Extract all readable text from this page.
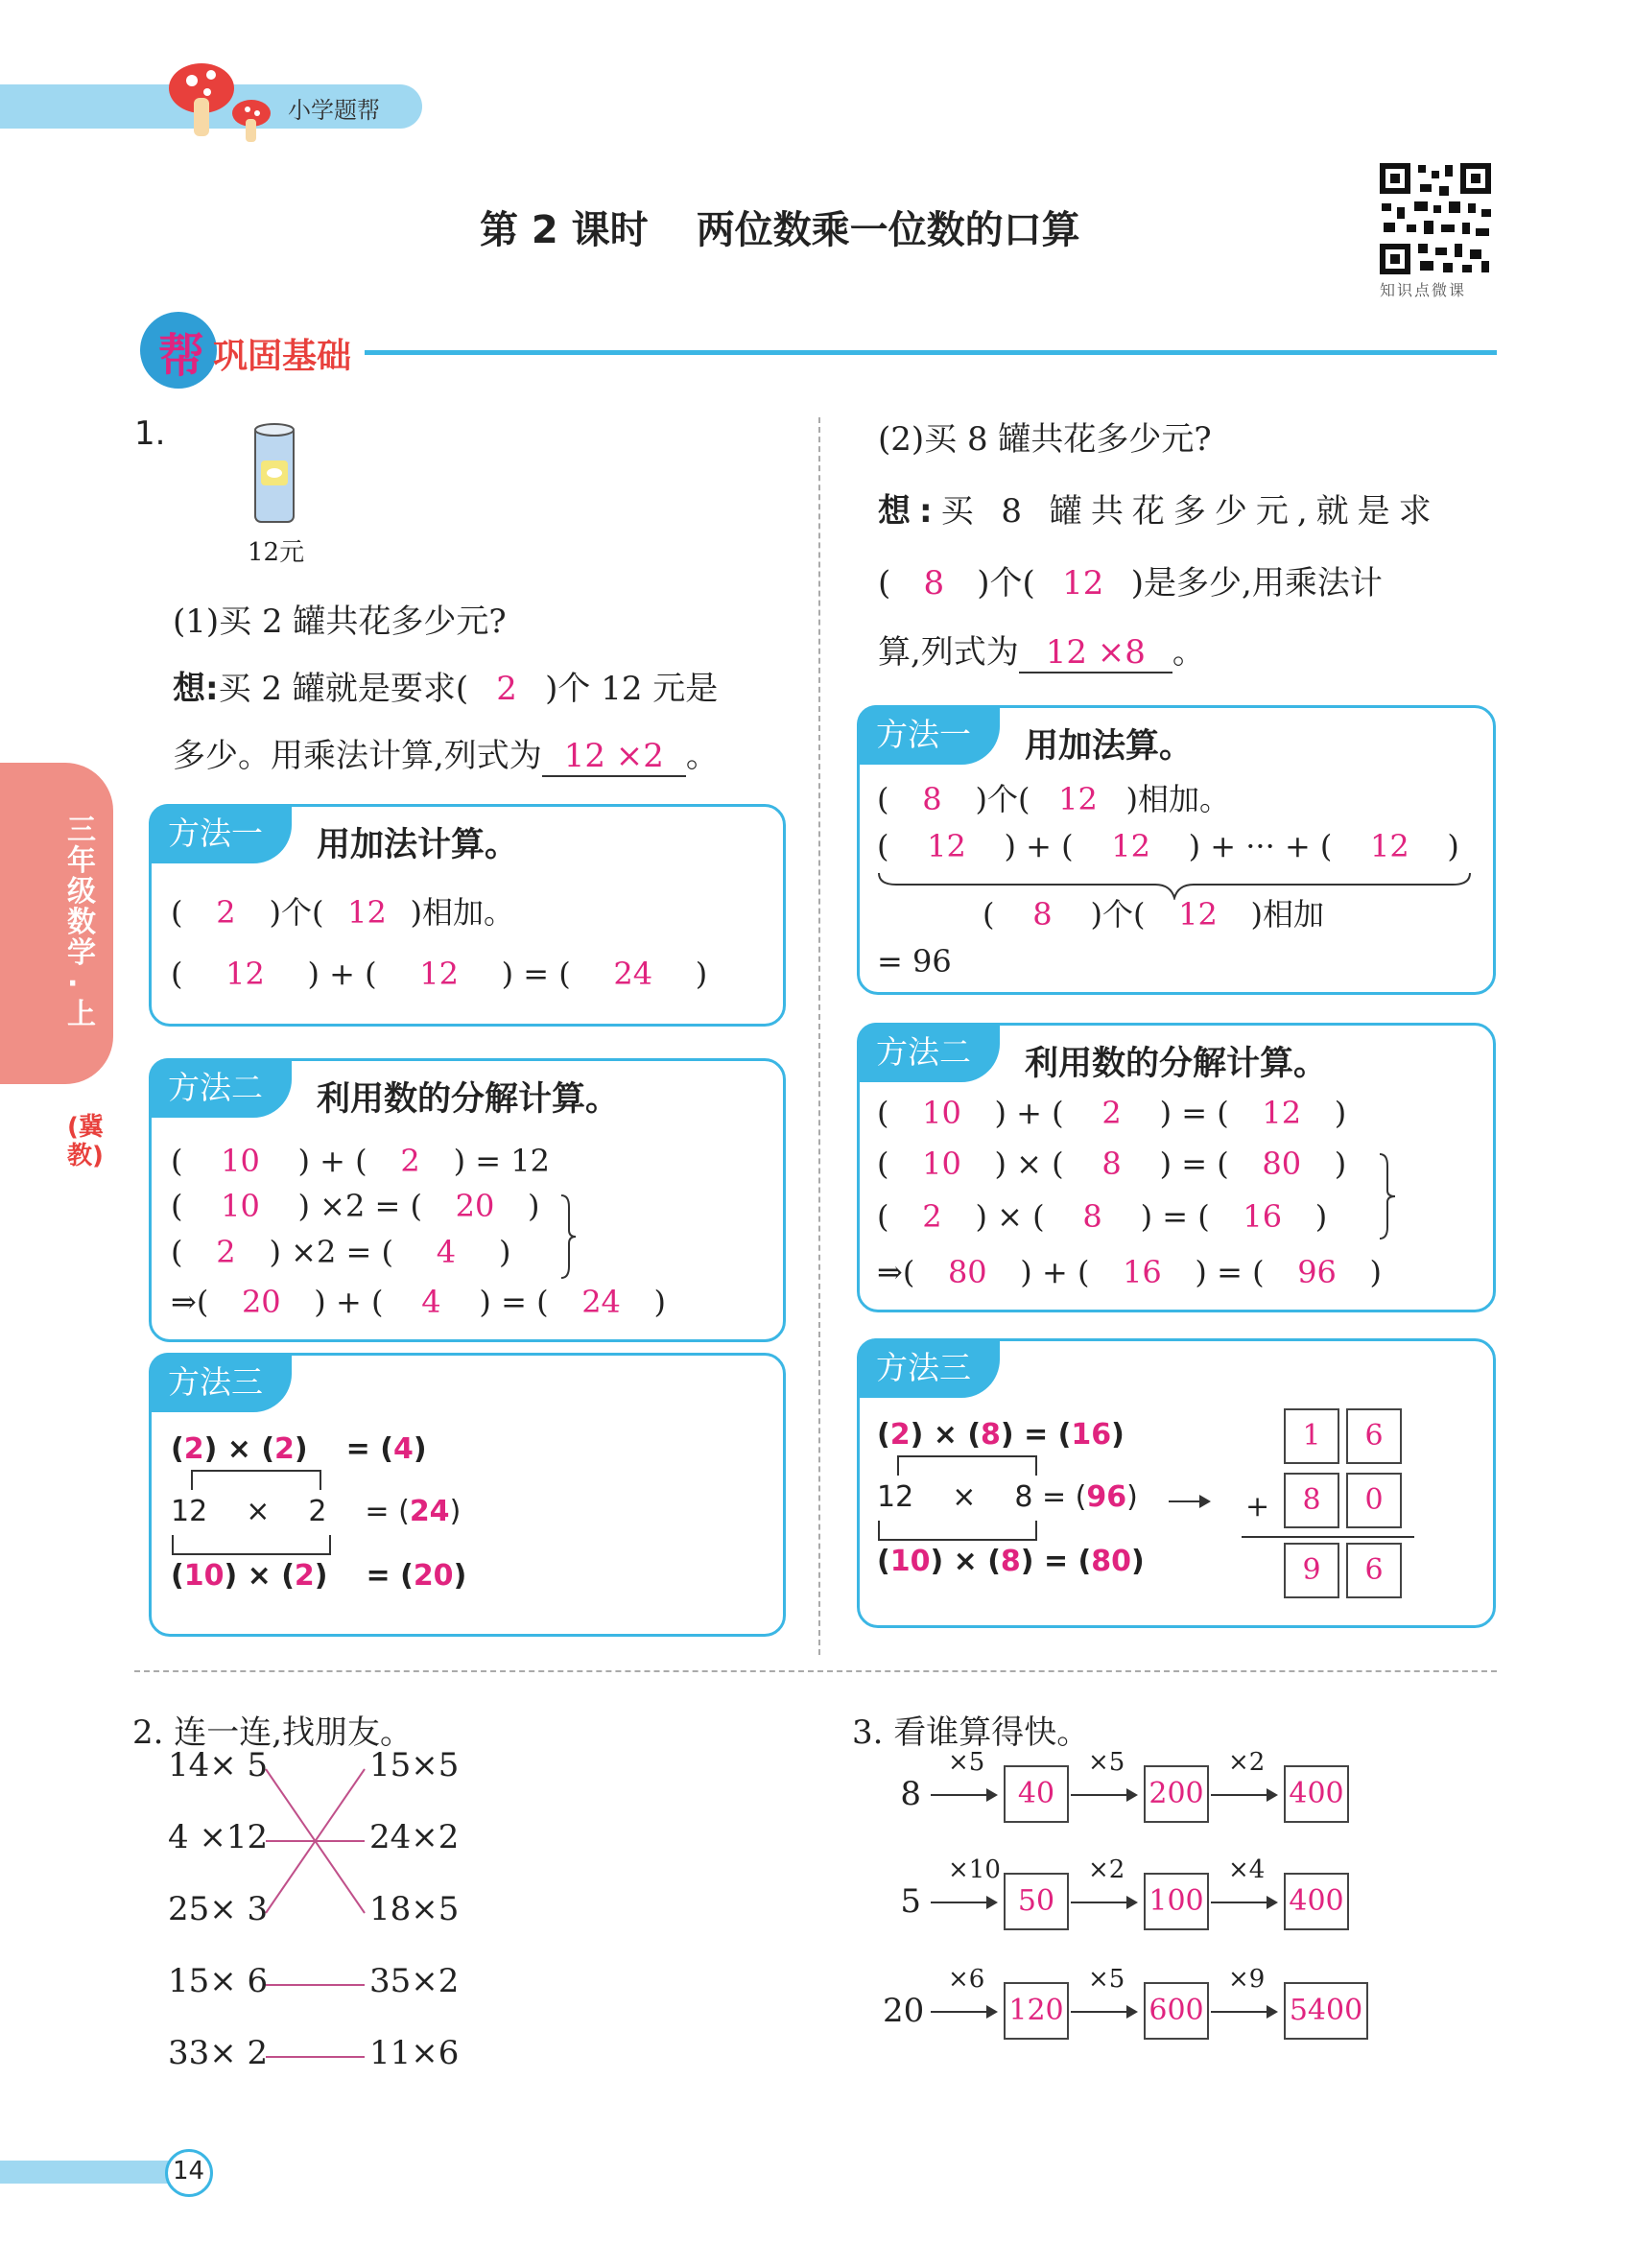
小学题帮
第 2 课时 两位数乘一位数的口算
知识点微课
帮 巩固基础
三年级数学·上
(冀教)
1.
12元
(1)买 2 罐共花多少元?
想:买 2 罐就是要求( 2 )个 12 元是
多少。用乘法计算,列式为 12 ×2 。
方法一	用加法计算。
( 2 )个( 12 )相加。
( 12 ) + ( 12 ) = ( 24 )
方法二	利用数的分解计算。
( 10 ) + ( 2 ) = 12
( 10 ) ×2 = ( 20 )
( 2 ) ×2 = ( 4 )
⇒( 20 ) + ( 4 ) = ( 24 )
方法三
(2) × (2) = (4)
12 × 2 = (24)
(10) × (2) = (20)
(2)买 8 罐共花多少元?
想:买 8 罐共花多少元,就是求
( 8 )个( 12 )是多少,用乘法计
算,列式为 12 ×8 。
方法一	用加法算。
( 8 )个( 12 )相加。
( 12 ) + ( 12 ) + ··· + ( 12 )
( 8 )个( 12 )相加
= 96
方法二	利用数的分解计算。
( 10 ) + ( 2 ) = ( 12 )
( 10 ) × ( 8 ) = ( 80 )
( 2 ) × ( 8 ) = ( 16 )
⇒( 80 ) + ( 16 ) = ( 96 )
方法三
(2) × (8) = (16)
12 × 8 = (96)
(10) × (8) = (80)
1	6
8	0
+
9	6
2. 连一连,找朋友。
14× 5
4 ×12
25× 3
15× 6
33× 2
15×5
24×2
18×5
35×2
11×6
3. 看谁算得快。
8
×5
40
×5
200
×2
400
5
×10
50
×2
100
×4
400
20
×6
120
×5
600
×9
5400
14
